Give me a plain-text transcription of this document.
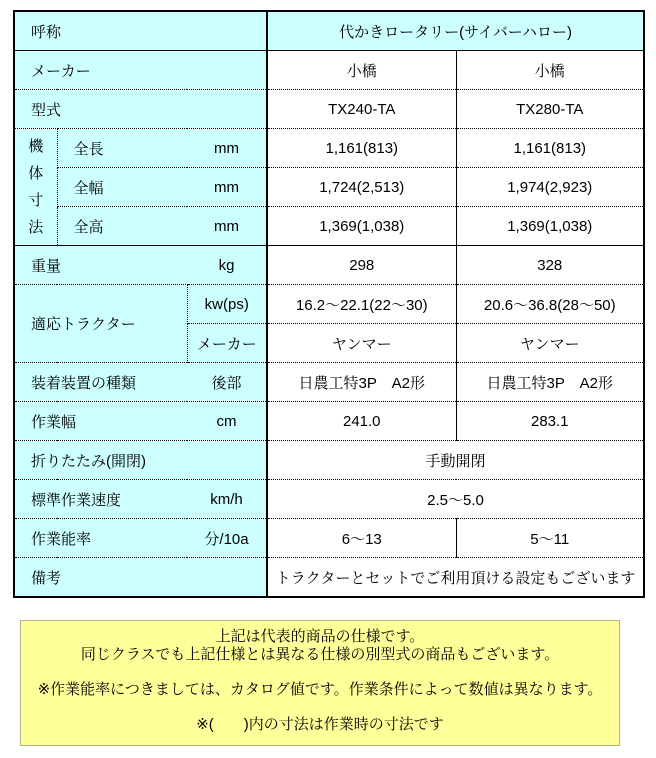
呼称			代かきロータリー(サイバーハロー)	
メーカー			小橋	小橋
型式			TX240-TA	TX280-TA

機体寸法	全長	mm	1,161(813)	1,161(813)
	全幅	mm	1,724(2,513)	1,974(2,923)
	全高	mm	1,369(1,038)	1,369(1,038)
重量		kg	298	328
適応トラクター		kw(ps)	16.2～22.1(22～30)	20.6～36.8(28～50)
		メーカー	ヤンマー	ヤンマー
装着装置の種類		後部	日農工特3P　A2形	日農工特3P　A2形
作業幅		cm	241.0	283.1
折りたたみ(開閉)			手動開閉	
標準作業速度		km/h	2.5～5.0	
作業能率		分/10a	6～13	5～11
備考			トラクターとセットでご利用頂ける設定もございます	
上記は代表的商品の仕様です。
同じクラスでも上記仕様とは異なる仕様の別型式の商品もございます。
※作業能率につきましては、カタログ値です。作業条件によって数値は異なります。
※(　　)内の寸法は作業時の寸法です
